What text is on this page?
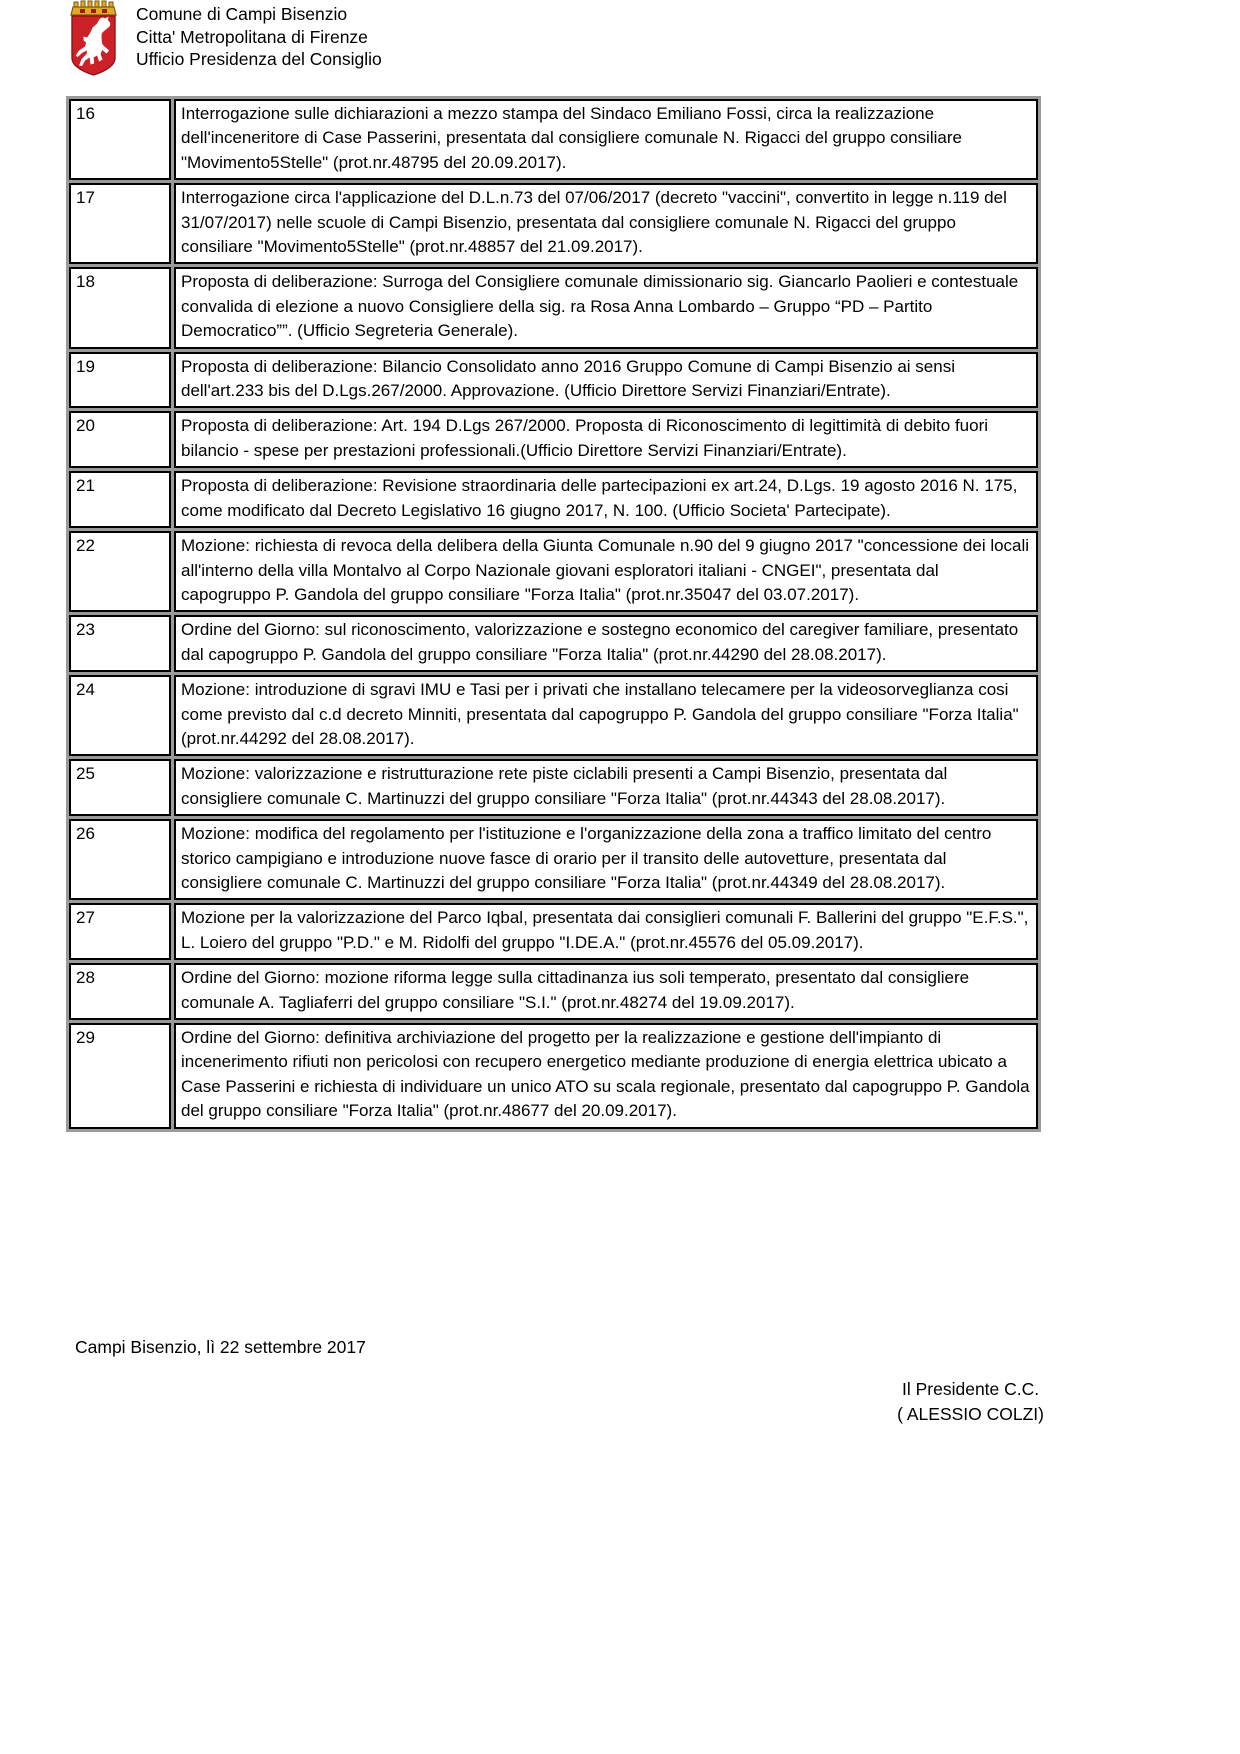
Comune di Campi Bisenzio
Citta' Metropolitana di Firenze
Ufficio Presidenza del Consiglio
16	Interrogazione sulle dichiarazioni a mezzo stampa del Sindaco Emiliano Fossi, circa la realizzazione dell'inceneritore di Case Passerini, presentata dal consigliere comunale N. Rigacci del gruppo consiliare "Movimento5Stelle" (prot.nr.48795 del 20.09.2017).
17	Interrogazione circa l'applicazione del D.L.n.73 del 07/06/2017 (decreto "vaccini", convertito in legge n.119 del 31/07/2017) nelle scuole di Campi Bisenzio, presentata dal consigliere comunale N. Rigacci del gruppo consiliare "Movimento5Stelle" (prot.nr.48857 del 21.09.2017).
18	Proposta di deliberazione: Surroga del Consigliere comunale dimissionario sig. Giancarlo Paolieri e contestuale convalida di elezione a nuovo Consigliere della sig. ra Rosa Anna Lombardo – Gruppo “PD – Partito Democratico””. (Ufficio Segreteria Generale).
19	Proposta di deliberazione: Bilancio Consolidato anno 2016 Gruppo Comune di Campi Bisenzio ai sensi dell'art.233 bis del D.Lgs.267/2000. Approvazione. (Ufficio Direttore Servizi Finanziari/Entrate).
20	Proposta di deliberazione: Art. 194 D.Lgs 267/2000. Proposta di Riconoscimento di legittimità di debito fuori bilancio - spese per prestazioni professionali.(Ufficio Direttore Servizi Finanziari/Entrate).
21	Proposta di deliberazione: Revisione straordinaria delle partecipazioni ex art.24, D.Lgs. 19 agosto 2016 N. 175, come modificato dal Decreto Legislativo 16 giugno 2017, N. 100. (Ufficio Societa' Partecipate).
22	Mozione: richiesta di revoca della delibera della Giunta Comunale n.90 del 9 giugno 2017 "concessione dei locali all'interno della villa Montalvo al Corpo Nazionale giovani esploratori italiani - CNGEI", presentata dal capogruppo P. Gandola del gruppo consiliare "Forza Italia" (prot.nr.35047 del 03.07.2017).
23	Ordine del Giorno: sul riconoscimento, valorizzazione e sostegno economico del caregiver familiare, presentato dal capogruppo P. Gandola del gruppo consiliare "Forza Italia" (prot.nr.44290 del 28.08.2017).
24	Mozione: introduzione di sgravi IMU e Tasi per i privati che installano telecamere per la videosorveglianza cosi come previsto dal c.d decreto Minniti, presentata dal capogruppo P. Gandola del gruppo consiliare "Forza Italia" (prot.nr.44292 del 28.08.2017).
25	Mozione: valorizzazione e ristrutturazione rete piste ciclabili presenti a Campi Bisenzio, presentata dal consigliere comunale C. Martinuzzi del gruppo consiliare "Forza Italia" (prot.nr.44343 del 28.08.2017).
26	Mozione: modifica del regolamento per l'istituzione e l'organizzazione della zona a traffico limitato del centro storico campigiano e introduzione nuove fasce di orario per il transito delle autovetture, presentata dal consigliere comunale C. Martinuzzi del gruppo consiliare "Forza Italia" (prot.nr.44349 del 28.08.2017).
27	Mozione per la valorizzazione del Parco Iqbal, presentata dai consiglieri comunali F. Ballerini del gruppo "E.F.S.", L. Loiero del gruppo "P.D." e M. Ridolfi del gruppo "I.DE.A." (prot.nr.45576 del 05.09.2017).
28	Ordine del Giorno: mozione riforma legge sulla cittadinanza ius soli temperato, presentato dal consigliere comunale A. Tagliaferri del gruppo consiliare "S.I." (prot.nr.48274 del 19.09.2017).
29	Ordine del Giorno: definitiva archiviazione del progetto per la realizzazione e gestione dell'impianto di incenerimento rifiuti non pericolosi con recupero energetico mediante produzione di energia elettrica ubicato a Case Passerini e richiesta di individuare un unico ATO su scala regionale, presentato dal capogruppo P. Gandola del gruppo consiliare "Forza Italia" (prot.nr.48677 del 20.09.2017).
Campi Bisenzio, lì 22 settembre 2017
Il Presidente C.C.
( ALESSIO COLZI)
